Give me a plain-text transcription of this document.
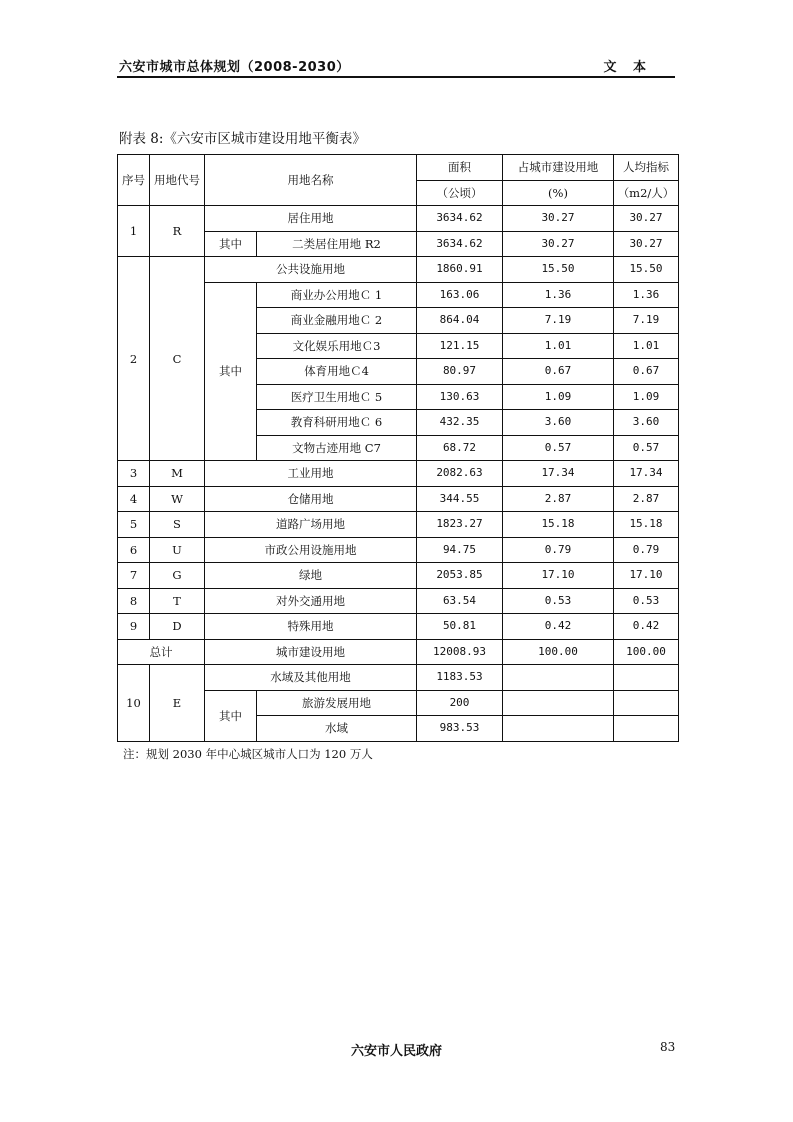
六安市城市总体规划（2008-2030）	文 本
附表 8:《六安市区城市建设用地平衡表》
序号	用地代号	用地名称		面积	占城市建设用地	人均指标
				（公顷）	(%)	（m2/人）
1	R	居住用地		3634.62	30.27	30.27
		其中	二类居住用地 R2	3634.62	30.27	30.27
2	C	公共设施用地		1860.91	15.50	15.50
		其中	商业办公用地Ｃ 1	163.06	1.36	1.36
			商业金融用地Ｃ 2	864.04	7.19	7.19
			文化娱乐用地Ｃ3	121.15	1.01	1.01
			体育用地Ｃ4	80.97	0.67	0.67
			医疗卫生用地Ｃ 5	130.63	1.09	1.09
			教育科研用地Ｃ 6	432.35	3.60	3.60
			文物古迹用地 C7	68.72	0.57	0.57
3	M	工业用地		2082.63	17.34	17.34
4	W	仓储用地		344.55	2.87	2.87
5	S	道路广场用地		1823.27	15.18	15.18
6	U	市政公用设施用地		94.75	0.79	0.79
7	G	绿地		2053.85	17.10	17.10
8	T	对外交通用地		63.54	0.53	0.53
9	D	特殊用地		50.81	0.42	0.42
总计		城市建设用地		12008.93	100.00	100.00
10	E	水域及其他用地		1183.53		
		其中	旅游发展用地	200		
			水域	983.53		
注：规划 2030 年中心城区城市人口为 120 万人
六安市人民政府	83
